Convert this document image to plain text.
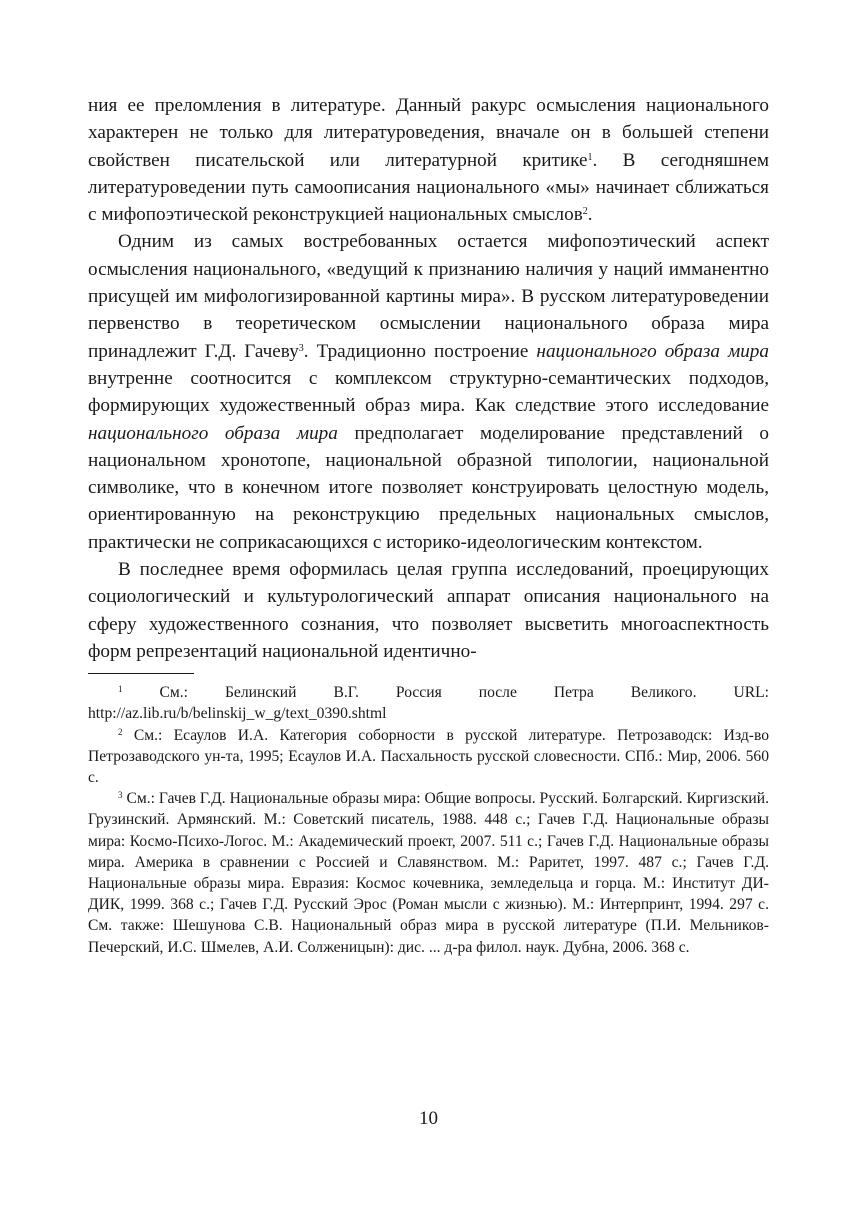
ния ее преломления в литературе. Данный ракурс осмысления национального характерен не только для литературоведения, вначале он в большей степени свойствен писательской или литературной критике$^1$. В сегодняшнем литературоведении путь самоописания национального «мы» начинает сближаться с мифопоэтической реконструкцией национальных смыслов$^2$.

Одним из самых востребованных остается мифопоэтический аспект осмысления национального, «ведущий к признанию наличия у наций имманентно присущей им мифологизированной картины мира». В русском литературоведении первенство в теоретическом осмыслении национального образа мира принадлежит Г.Д. Гачеву$^3$. Традиционно построение национального образа мира внутренне соотносится с комплексом структурно-семантических подходов, формирующих художественный образ мира. Как следствие этого исследование национального образа мира предполагает моделирование представлений о национальном хронотопе, национальной образной типологии, национальной символике, что в конечном итоге позволяет конструировать целостную модель, ориентированную на реконструкцию предельных национальных смыслов, практически не соприкасающихся с историко-идеологическим контекстом.

В последнее время оформилась целая группа исследований, проецирующих социологический и культурологический аппарат описания национального на сферу художественного сознания, что позволяет высветить многоаспектность форм репрезентаций национальной идентично-

$^1$ См.: Белинский В.Г. Россия после Петра Великого. URL: http://az.lib.ru/b/belinskij_w_g/text_0390.shtml

$^2$ См.: Есаулов И.А. Категория соборности в русской литературе. Петрозаводск: Изд-во Петрозаводского ун-та, 1995; Есаулов И.А. Пасхальность русской словесности. СПб.: Мир, 2006. 560 с.

$^3$ См.: Гачев Г.Д. Национальные образы мира: Общие вопросы. Русский. Болгарский. Киргизский. Грузинский. Армянский. М.: Советский писатель, 1988. 448 с.; Гачев Г.Д. Национальные образы мира: Космо-Психо-Логос. М.: Академический проект, 2007. 511 с.; Гачев Г.Д. Национальные образы мира. Америка в сравнении с Россией и Славянством. М.: Раритет, 1997. 487 с.; Гачев Г.Д. Национальные образы мира. Евразия: Космос кочевника, земледельца и горца. М.: Институт ДИ-ДИК, 1999. 368 с.; Гачев Г.Д. Русский Эрос (Роман мысли с жизнью). М.: Интерпринт, 1994. 297 с. См. также: Шешунова С.В. Национальный образ мира в русской литературе (П.И. Мельников-Печерский, И.С. Шмелев, А.И. Солженицын): дис. ... д-ра филол. наук. Дубна, 2006. 368 с.

10
